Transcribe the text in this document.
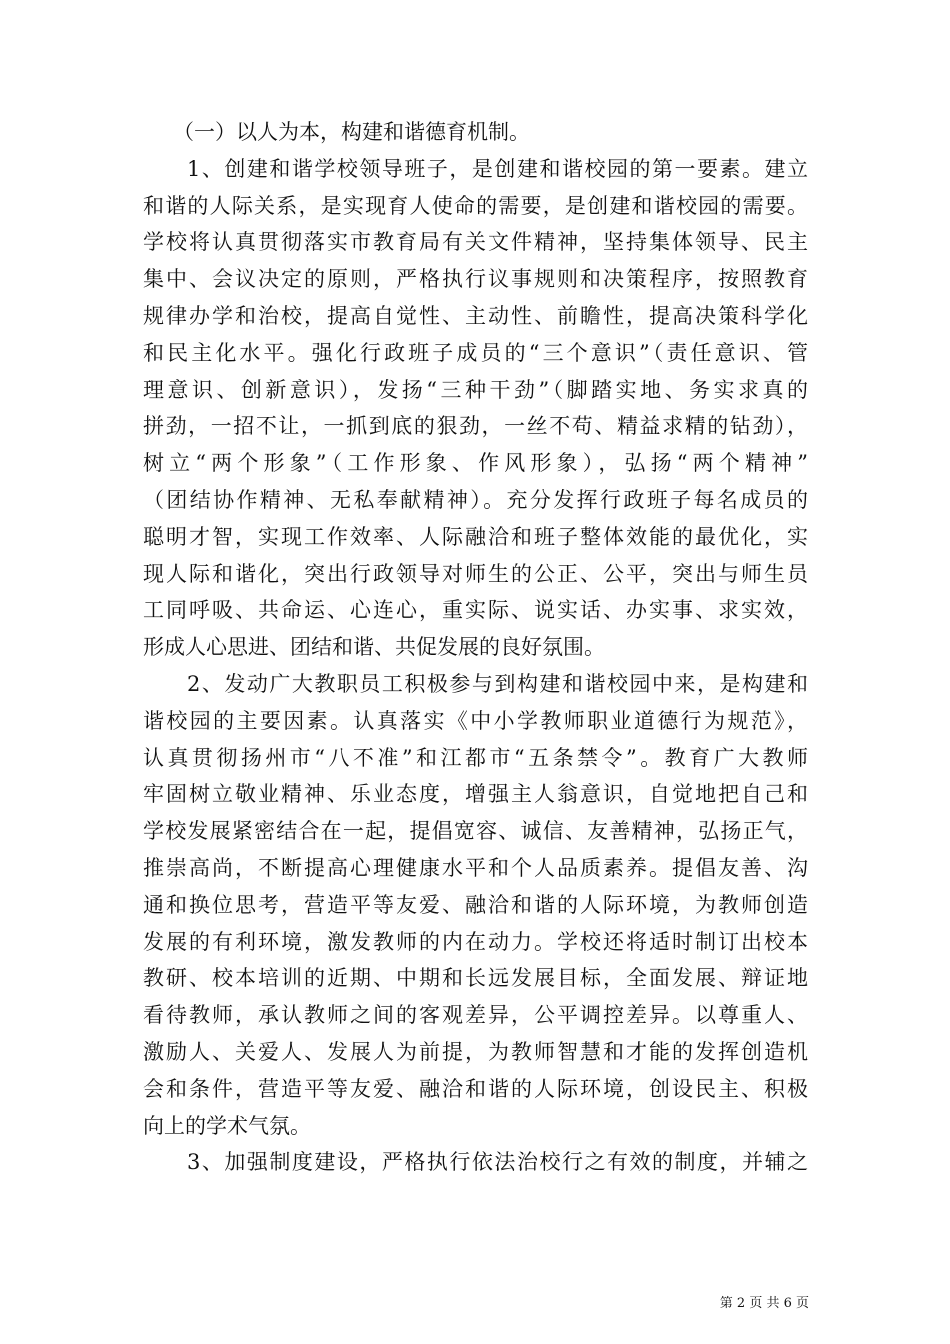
（一）以人为本，构建和谐德育机制。
1、创建和谐学校领导班子，是创建和谐校园的第一要素。建立
和谐的人际关系，是实现育人使命的需要，是创建和谐校园的需要。
学校将认真贯彻落实市教育局有关文件精神，坚持集体领导、民主
集中、会议决定的原则，严格执行议事规则和决策程序，按照教育
规律办学和治校，提高自觉性、主动性、前瞻性，提高决策科学化
和民主化水平。强化行政班子成员的“三个意识”（责任意识、管
理意识、创新意识），发扬“三种干劲”（脚踏实地、务实求真的
拼劲，一招不让，一抓到底的狠劲，一丝不苟、精益求精的钻劲），
树立“两个形象”（工作形象、作风形象），弘扬“两个精神”
（团结协作精神、无私奉献精神）。充分发挥行政班子每名成员的
聪明才智，实现工作效率、人际融洽和班子整体效能的最优化，实
现人际和谐化，突出行政领导对师生的公正、公平，突出与师生员
工同呼吸、共命运、心连心，重实际、说实话、办实事、求实效，
形成人心思进、团结和谐、共促发展的良好氛围。
2、发动广大教职员工积极参与到构建和谐校园中来，是构建和
谐校园的主要因素。认真落实《中小学教师职业道德行为规范》，
认真贯彻扬州市“八不准”和江都市“五条禁令”。教育广大教师
牢固树立敬业精神、乐业态度，增强主人翁意识，自觉地把自己和
学校发展紧密结合在一起，提倡宽容、诚信、友善精神，弘扬正气，
推崇高尚，不断提高心理健康水平和个人品质素养。提倡友善、沟
通和换位思考，营造平等友爱、融洽和谐的人际环境，为教师创造
发展的有利环境，激发教师的内在动力。学校还将适时制订出校本
教研、校本培训的近期、中期和长远发展目标，全面发展、辩证地
看待教师，承认教师之间的客观差异，公平调控差异。以尊重人、
激励人、关爱人、发展人为前提，为教师智慧和才能的发挥创造机
会和条件，营造平等友爱、融洽和谐的人际环境，创设民主、积极
向上的学术气氛。
3、加强制度建设，严格执行依法治校行之有效的制度，并辅之
第 2 页 共 6 页
